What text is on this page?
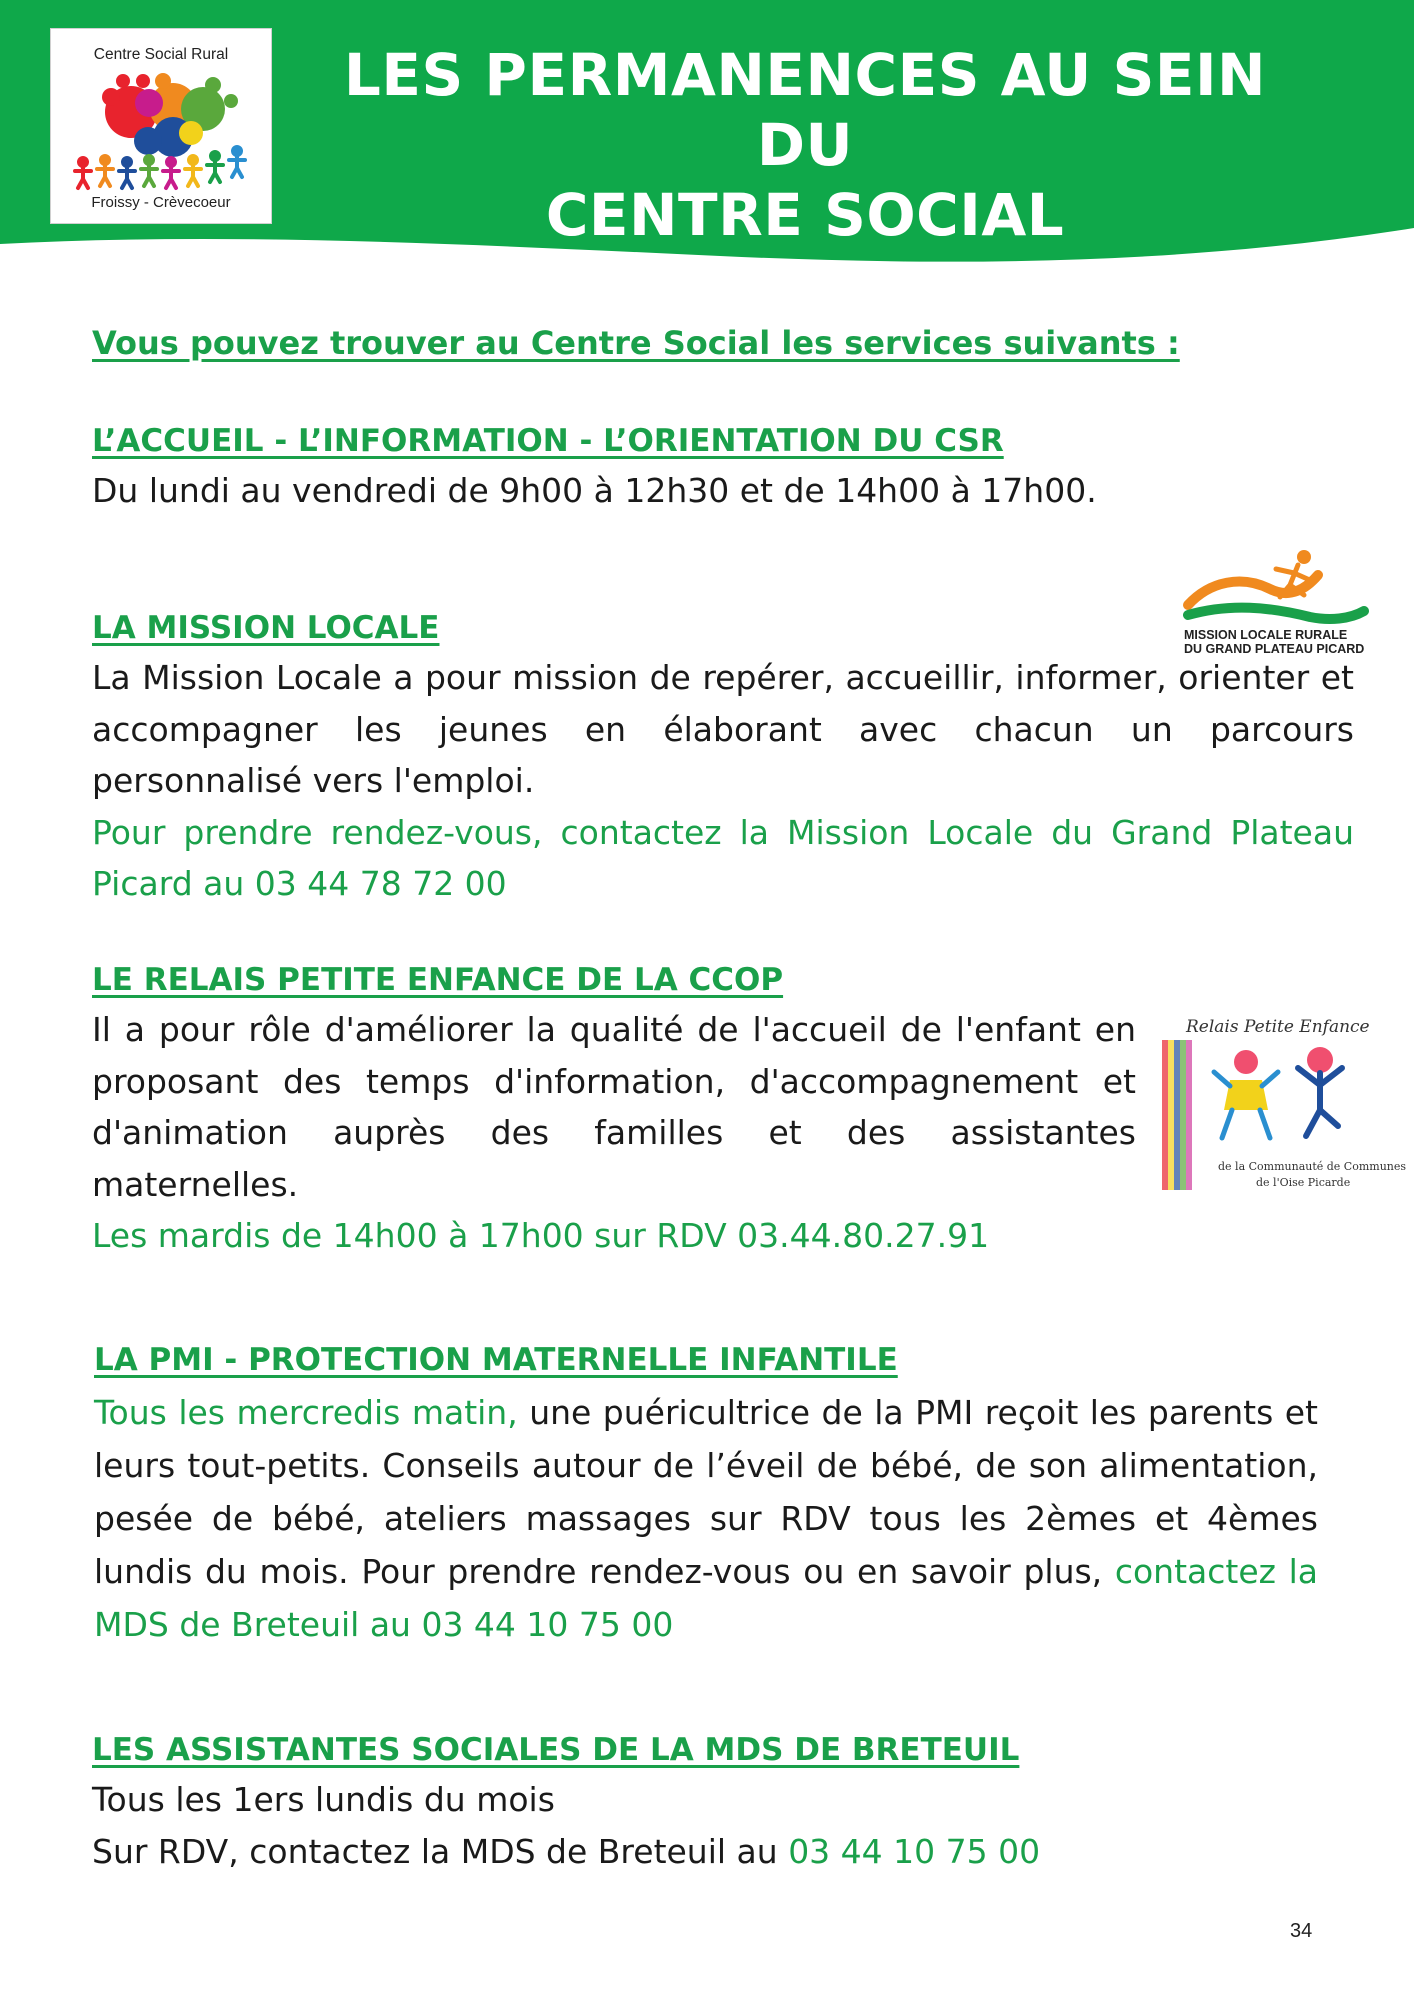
Centre Social Rural
Froissy - Crèvecoeur
LES PERMANENCES AU SEIN DU
CENTRE SOCIAL
Vous pouvez trouver au Centre Social les services suivants :

L’ACCUEIL - L’INFORMATION - L’ORIENTATION DU CSR

Du lundi au vendredi de 9h00 à 12h30 et de 14h00 à 17h00.

MISSION LOCALE RURALE
DU GRAND PLATEAU PICARD

LA MISSION LOCALE

La Mission Locale a pour mission de repérer, accueillir, informer, orienter et accompagner les jeunes en élaborant avec chacun un parcours personnalisé vers l'emploi.

Pour prendre rendez-vous, contactez la Mission Locale du Grand Plateau Picard au 03 44 78 72 00

LE RELAIS PETITE ENFANCE DE LA CCOP

Il a pour rôle d'améliorer la qualité de l'accueil de l'enfant en proposant des temps d'information, d'accompagnement et d'animation auprès des familles et des assistantes maternelles.

Les mardis de 14h00 à 17h00 sur RDV 03.44.80.27.91

Relais Petite Enfance
de la Communauté de Communes
de l'Oise Picarde

LA PMI - PROTECTION MATERNELLE INFANTILE

Tous les mercredis matin, une puéricultrice de la PMI reçoit les parents et leurs tout-petits. Conseils autour de l’éveil de bébé, de son alimentation, pesée de bébé, ateliers massages sur RDV tous les 2èmes et 4èmes lundis du mois. Pour prendre rendez-vous ou en savoir plus, contactez la MDS de Breteuil au 03 44 10 75 00

LES ASSISTANTES SOCIALES DE LA MDS DE BRETEUIL

Tous les 1ers lundis du mois

Sur RDV, contactez la MDS de Breteuil au 03 44 10 75 00

34
